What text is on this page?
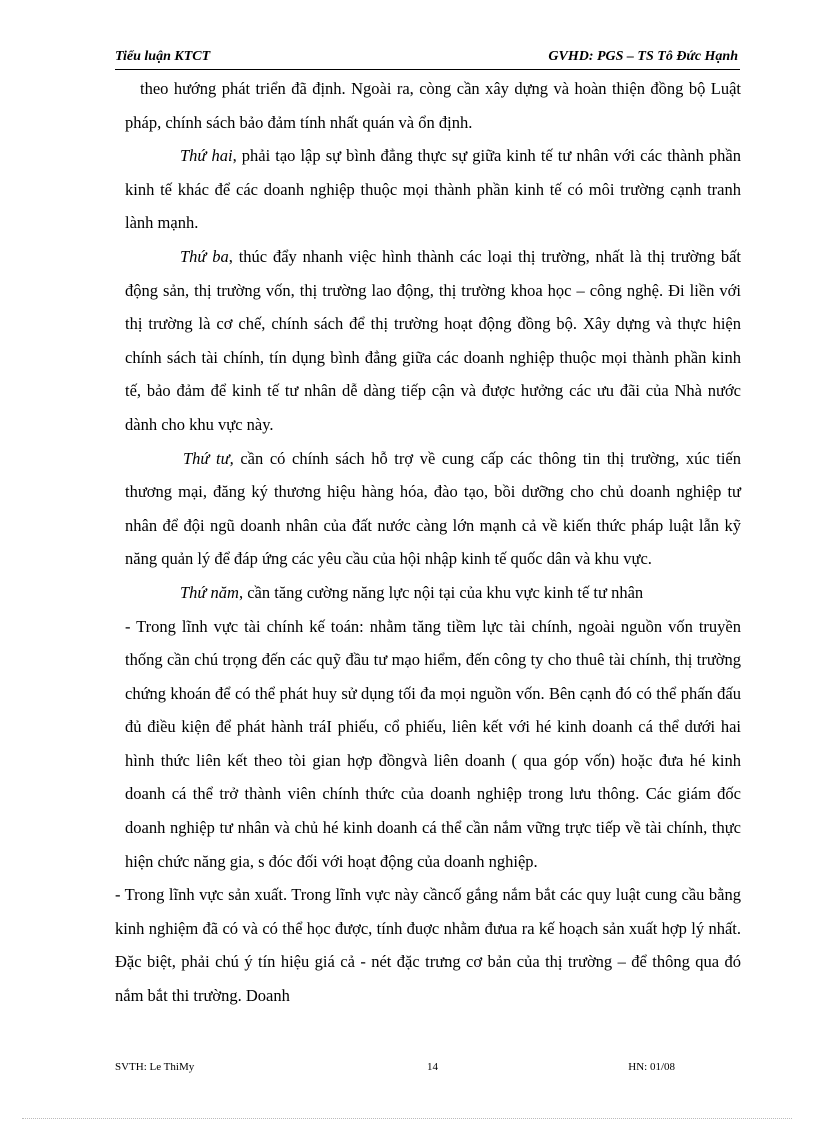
Tiểu luận KTCT	GVHD: PGS – TS Tô Đức Hạnh

theo hướng phát triển đã định. Ngoài ra, còng cần xây dựng và hoàn thiện đồng bộ Luật pháp, chính sách bảo đảm tính nhất quán và ổn định.

Thứ hai, phải tạo lập sự bình đẳng thực sự giữa kinh tế tư nhân với các thành phần kinh tế khác để các doanh nghiệp thuộc mọi thành phần kinh tế có môi trường cạnh tranh lành mạnh.

Thứ ba, thúc đẩy nhanh việc hình thành các loại thị trường, nhất là thị trường bất động sản, thị trường vốn, thị trường lao động, thị trường khoa học – công nghệ. Đi liền với thị trường là cơ chế, chính sách để thị trường hoạt động đồng bộ. Xây dựng và thực hiện chính sách tài chính, tín dụng bình đẳng giữa các doanh nghiệp thuộc mọi thành phần kinh tế, bảo đảm để kinh tế tư nhân dễ dàng tiếp cận và được hưởng các ưu đãi của Nhà nước dành cho khu vực này.

Thứ tư, cần có chính sách hỗ trợ về cung cấp các thông tin thị trường, xúc tiến thương mại, đăng ký thương hiệu hàng hóa, đào tạo, bồi dưỡng cho chủ doanh nghiệp tư nhân để đội ngũ doanh nhân của đất nước càng lớn mạnh cả về kiến thức pháp luật lẫn kỹ năng quản lý để đáp ứng các yêu cầu của hội nhập kinh tế quốc dân và khu vực.

Thứ năm, cần tăng cường năng lực nội tại của khu vực kinh tế tư nhân

- Trong lĩnh vực tài chính kế toán: nhằm tăng tiềm lực tài chính, ngoài nguồn vốn truyền thống cần chú trọng đến các quỹ đầu tư mạo hiểm, đến công ty cho thuê tài chính, thị trường chứng khoán để có thể phát huy sử dụng tối đa mọi nguồn vốn. Bên cạnh đó có thể phấn đấu đủ điều kiện để phát hành tráI phiếu, cổ phiếu, liên kết với hé kinh doanh cá thể dưới hai hình thức liên kết theo tòi gian hợp đồngvà liên doanh ( qua góp vốn) hoặc đưa hé kinh doanh cá thể trở thành viên chính thức của doanh nghiệp trong lưu thông. Các giám đốc doanh nghiệp tư nhân và chủ hé kinh doanh cá thể cần nắm vững trực tiếp về tài chính, thực hiện chức năng gia, s đóc đối với hoạt động của doanh nghiệp.

- Trong lĩnh vực sản xuất. Trong lĩnh vực này cầncố gắng nắm bắt các quy luật cung cầu bằng kinh nghiệm đã có và có thể học được, tính đuợc nhằm đưua ra kế hoạch sản xuất hợp lý nhất. Đặc biệt, phải chú ý tín hiệu giá cả - nét đặc trưng cơ bản của thị trường – để thông qua đó nắm bắt thi trường. Doanh

SVTH: Le ThiMy	14	HN: 01/08
